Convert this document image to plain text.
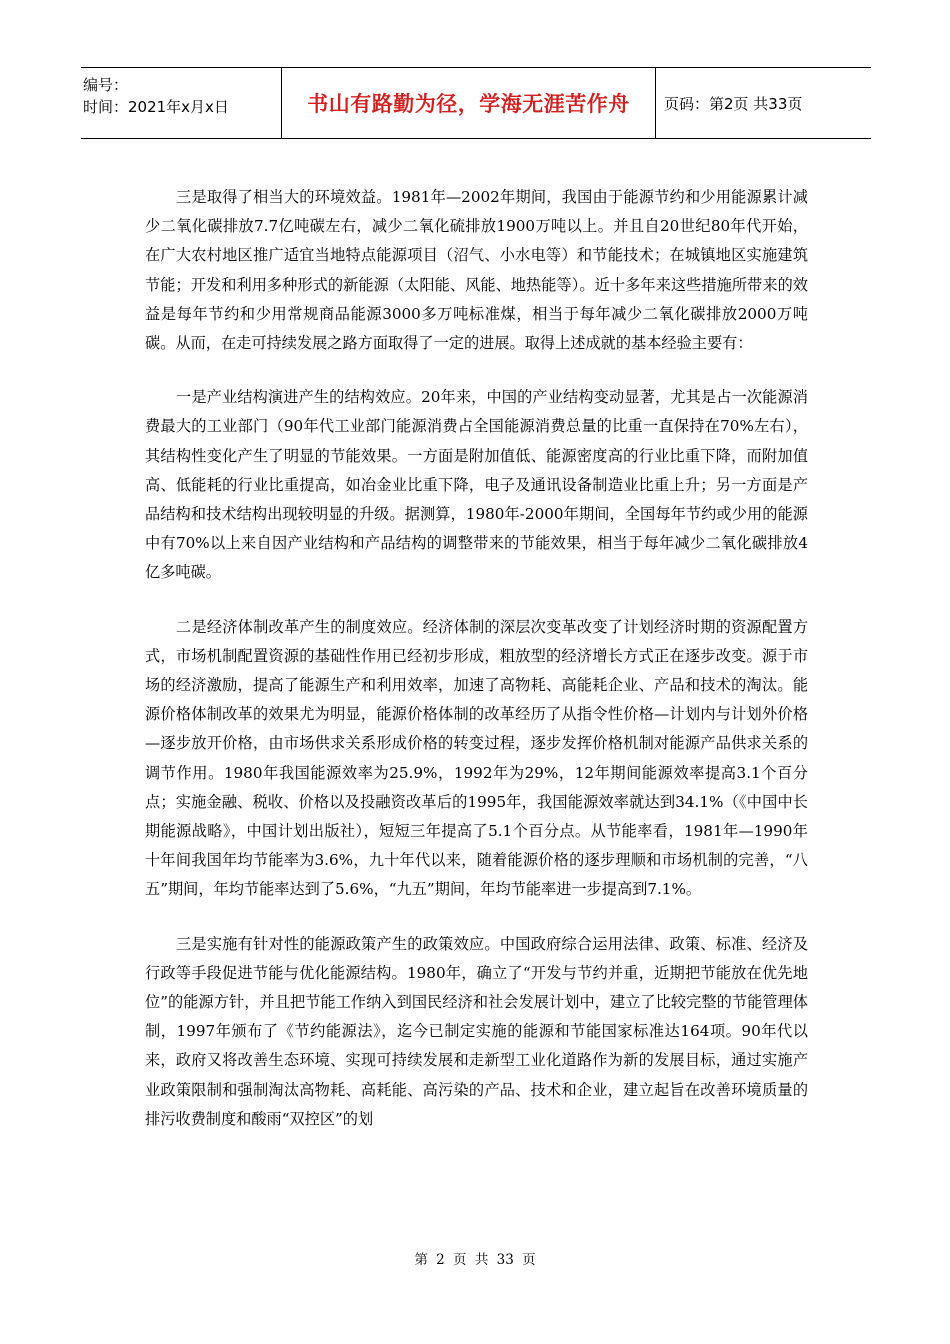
编号：
时间：2021年x月x日	书山有路勤为径，学海无涯苦作舟	页码：第2页 共33页

三是取得了相当大的环境效益。1981年—2002年期间，我国由于能源节约和少用能源累计减少二氧化碳排放7.7亿吨碳左右，减少二氧化硫排放1900万吨以上。并且自20世纪80年代开始，在广大农村地区推广适宜当地特点能源项目（沼气、小水电等）和节能技术；在城镇地区实施建筑节能；开发和利用多种形式的新能源（太阳能、风能、地热能等）。近十多年来这些措施所带来的效益是每年节约和少用常规商品能源3000多万吨标准煤，相当于每年减少二氧化碳排放2000万吨碳。从而，在走可持续发展之路方面取得了一定的进展。取得上述成就的基本经验主要有：

一是产业结构演进产生的结构效应。20年来，中国的产业结构变动显著，尤其是占一次能源消费最大的工业部门（90年代工业部门能源消费占全国能源消费总量的比重一直保持在70%左右），其结构性变化产生了明显的节能效果。一方面是附加值低、能源密度高的行业比重下降，而附加值高、低能耗的行业比重提高，如冶金业比重下降，电子及通讯设备制造业比重上升；另一方面是产品结构和技术结构出现较明显的升级。据测算，1980年-2000年期间，全国每年节约或少用的能源中有70%以上来自因产业结构和产品结构的调整带来的节能效果，相当于每年减少二氧化碳排放4亿多吨碳。

二是经济体制改革产生的制度效应。经济体制的深层次变革改变了计划经济时期的资源配置方式，市场机制配置资源的基础性作用已经初步形成，粗放型的经济增长方式正在逐步改变。源于市场的经济激励，提高了能源生产和利用效率，加速了高物耗、高能耗企业、产品和技术的淘汰。能源价格体制改革的效果尤为明显，能源价格体制的改革经历了从指令性价格—计划内与计划外价格—逐步放开价格，由市场供求关系形成价格的转变过程，逐步发挥价格机制对能源产品供求关系的调节作用。1980年我国能源效率为25.9%，1992年为29%，12年期间能源效率提高3.1个百分点；实施金融、税收、价格以及投融资改革后的1995年，我国能源效率就达到34.1%（《中国中长期能源战略》，中国计划出版社），短短三年提高了5.1个百分点。从节能率看，1981年—1990年十年间我国年均节能率为3.6%，九十年代以来，随着能源价格的逐步理顺和市场机制的完善，“八五”期间，年均节能率达到了5.6%，“九五”期间，年均节能率进一步提高到7.1%。

三是实施有针对性的能源政策产生的政策效应。中国政府综合运用法律、政策、标准、经济及行政等手段促进节能与优化能源结构。1980年，确立了“开发与节约并重，近期把节能放在优先地位”的能源方针，并且把节能工作纳入到国民经济和社会发展计划中，建立了比较完整的节能管理体制，1997年颁布了《节约能源法》，迄今已制定实施的能源和节能国家标准达164项。90年代以来，政府又将改善生态环境、实现可持续发展和走新型工业化道路作为新的发展目标，通过实施产业政策限制和强制淘汰高物耗、高耗能、高污染的产品、技术和企业，建立起旨在改善环境质量的排污收费制度和酸雨“双控区”的划

第 2 页 共 33 页
